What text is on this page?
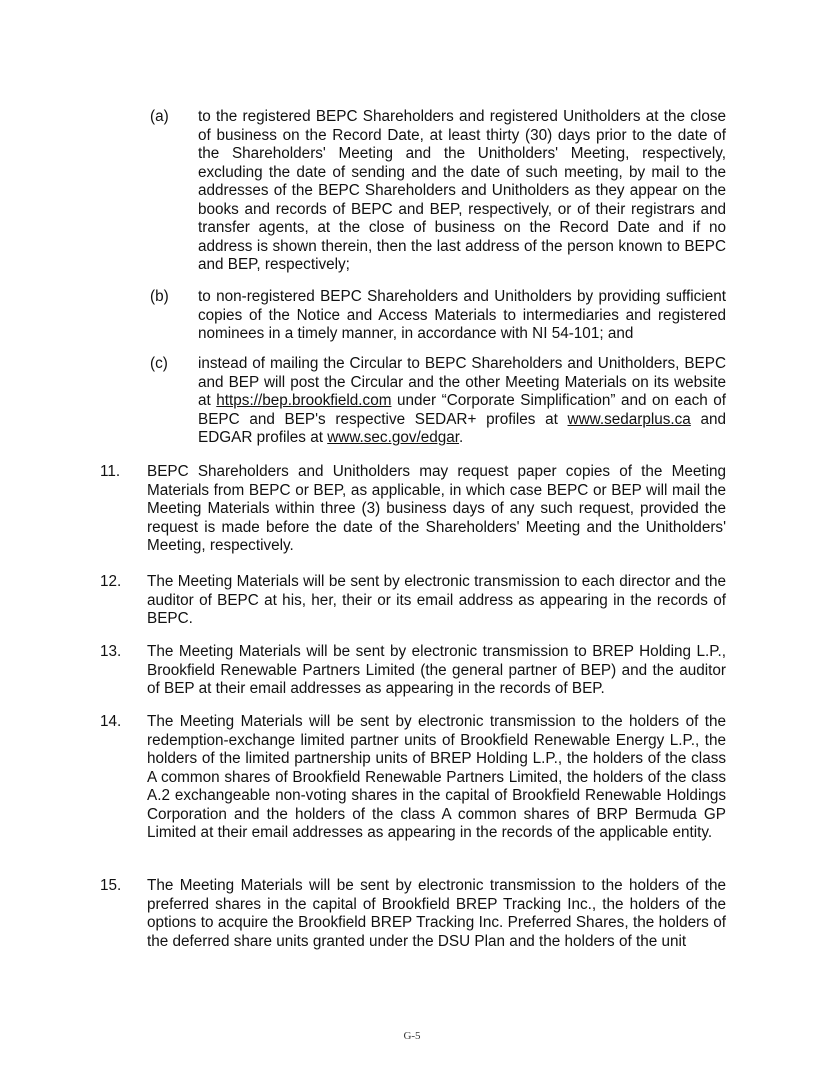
(a)	to the registered BEPC Shareholders and registered Unitholders at the close of business on the Record Date, at least thirty (30) days prior to the date of the Shareholders' Meeting and the Unitholders' Meeting, respectively, excluding the date of sending and the date of such meeting, by mail to the addresses of the BEPC Shareholders and Unitholders as they appear on the books and records of BEPC and BEP, respectively, or of their registrars and transfer agents, at the close of business on the Record Date and if no address is shown therein, then the last address of the person known to BEPC and BEP, respectively;

(b)	to non-registered BEPC Shareholders and Unitholders by providing sufficient copies of the Notice and Access Materials to intermediaries and registered nominees in a timely manner, in accordance with NI 54-101; and

(c)	instead of mailing the Circular to BEPC Shareholders and Unitholders, BEPC and BEP will post the Circular and the other Meeting Materials on its website at https://bep.brookfield.com under “Corporate Simplification” and on each of BEPC and BEP's respective SEDAR+ profiles at www.sedarplus.ca and EDGAR profiles at www.sec.gov/edgar.

11.	BEPC Shareholders and Unitholders may request paper copies of the Meeting Materials from BEPC or BEP, as applicable, in which case BEPC or BEP will mail the Meeting Materials within three (3) business days of any such request, provided the request is made before the date of the Shareholders' Meeting and the Unitholders' Meeting, respectively.

12.	The Meeting Materials will be sent by electronic transmission to each director and the auditor of BEPC at his, her, their or its email address as appearing in the records of BEPC.

13.	The Meeting Materials will be sent by electronic transmission to BREP Holding L.P., Brookfield Renewable Partners Limited (the general partner of BEP) and the auditor of BEP at their email addresses as appearing in the records of BEP.

14.	The Meeting Materials will be sent by electronic transmission to the holders of the redemption-exchange limited partner units of Brookfield Renewable Energy L.P., the holders of the limited partnership units of BREP Holding L.P., the holders of the class A common shares of Brookfield Renewable Partners Limited, the holders of the class A.2 exchangeable non-voting shares in the capital of Brookfield Renewable Holdings Corporation and the holders of the class A common shares of BRP Bermuda GP Limited at their email addresses as appearing in the records of the applicable entity.

15.	The Meeting Materials will be sent by electronic transmission to the holders of the preferred shares in the capital of Brookfield BREP Tracking Inc., the holders of the options to acquire the Brookfield BREP Tracking Inc. Preferred Shares, the holders of the deferred share units granted under the DSU Plan and the holders of the unit

G-5
